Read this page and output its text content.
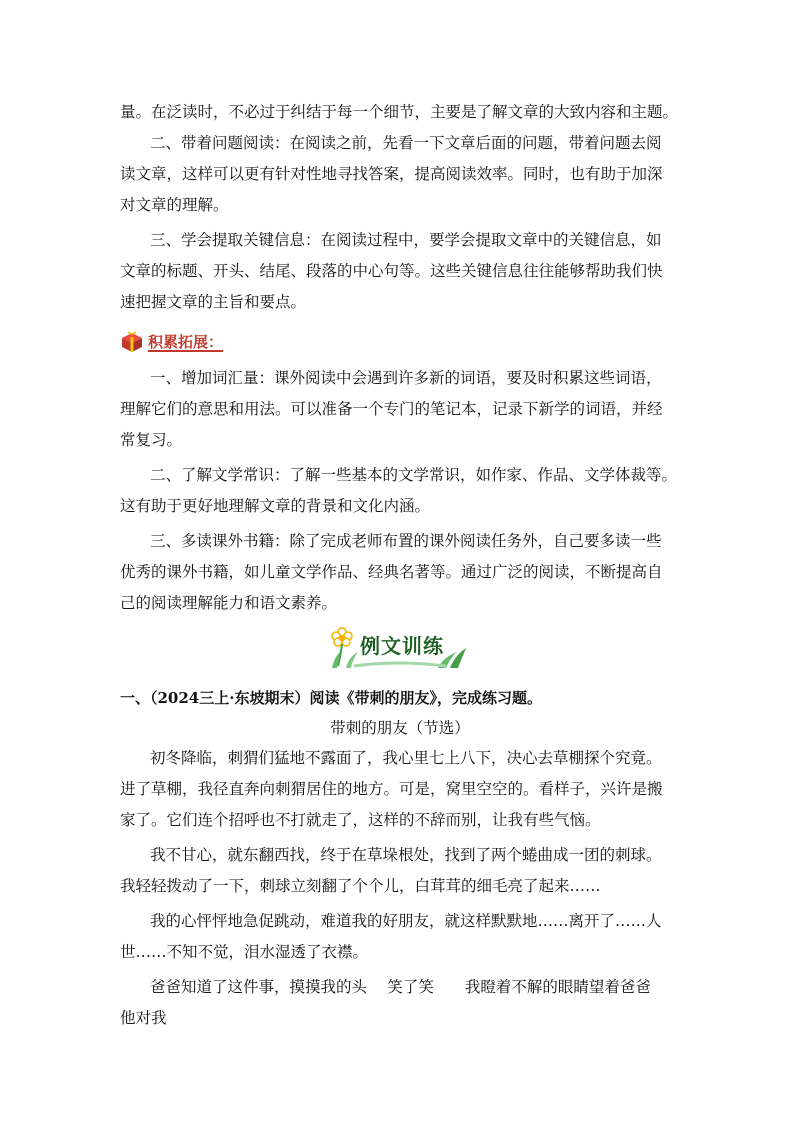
量。在泛读时，不必过于纠结于每一个细节，主要是了解文章的大致内容和主题。
二、带着问题阅读：在阅读之前，先看一下文章后面的问题，带着问题去阅
读文章，这样可以更有针对性地寻找答案，提高阅读效率。同时，也有助于加深
对文章的理解。
三、学会提取关键信息：在阅读过程中，要学会提取文章中的关键信息，如
文章的标题、开头、结尾、段落的中心句等。这些关键信息往往能够帮助我们快
速把握文章的主旨和要点。
积累拓展：
一、增加词汇量：课外阅读中会遇到许多新的词语，要及时积累这些词语，
理解它们的意思和用法。可以准备一个专门的笔记本，记录下新学的词语，并经
常复习。
二、了解文学常识：了解一些基本的文学常识，如作家、作品、文学体裁等。
这有助于更好地理解文章的背景和文化内涵。
三、多读课外书籍：除了完成老师布置的课外阅读任务外，自己要多读一些
优秀的课外书籍，如儿童文学作品、经典名著等。通过广泛的阅读，不断提高自
己的阅读理解能力和语文素养。
例文训练
一、（2024三上·东坡期末）阅读《带刺的朋友》，完成练习题。
带刺的朋友（节选）
初冬降临，刺猬们猛地不露面了，我心里七上八下，决心去草棚探个究竟。
进了草棚，我径直奔向刺猬居住的地方。可是，窝里空空的。看样子，兴许是搬
家了。它们连个招呼也不打就走了，这样的不辞而别，让我有些气恼。
我不甘心，就东翻西找，终于在草垛根处，找到了两个蜷曲成一团的刺球。
我轻轻拨动了一下，刺球立刻翻了个个儿，白茸茸的细毛亮了起来……
我的心怦怦地急促跳动，难道我的好朋友，就这样默默地……离开了……人
世……不知不觉，泪水湿透了衣襟。
爸爸知道了这件事，摸摸我的头　 笑了笑　　我瞪着不解的眼睛望着爸爸
他对我
